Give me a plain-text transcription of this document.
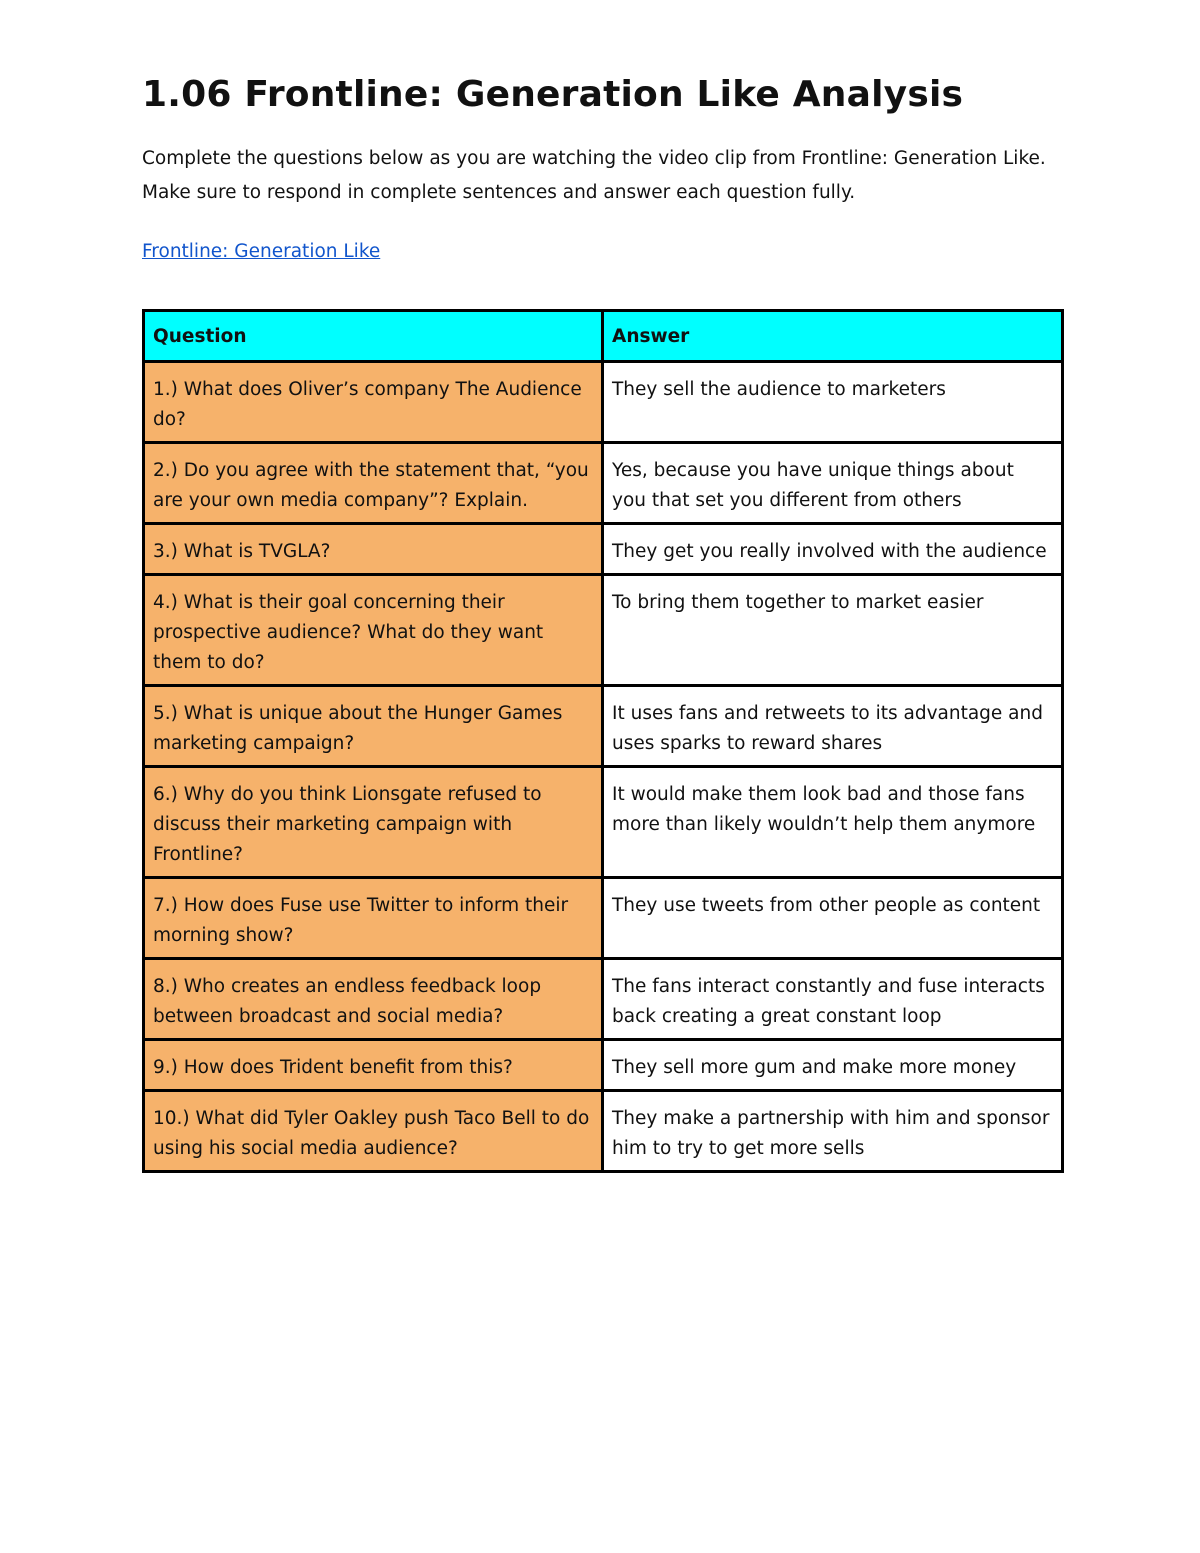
1.06 Frontline: Generation Like Analysis

Complete the questions below as you are watching the video clip from Frontline: Generation Like. Make sure to respond in complete sentences and answer each question fully.

Frontline: Generation Like
Question	Answer
1.) What does Oliver’s company The Audience do?	They sell the audience to marketers
2.) Do you agree with the statement that, “you are your own media company”? Explain.	Yes, because you have unique things about you that set you different from others
3.) What is TVGLA?	They get you really involved with the audience
4.) What is their goal concerning their prospective audience? What do they want them to do?	To bring them together to market easier
5.) What is unique about the Hunger Games marketing campaign?	It uses fans and retweets to its advantage and uses sparks to reward shares
6.) Why do you think Lionsgate refused to discuss their marketing campaign with Frontline?	It would make them look bad and those fans more than likely wouldn’t help them anymore
7.) How does Fuse use Twitter to inform their morning show?	They use tweets from other people as content
8.) Who creates an endless feedback loop between broadcast and social media?	The fans interact constantly and fuse interacts back creating a great constant loop
9.) How does Trident benefit from this?	They sell more gum and make more money
10.) What did Tyler Oakley push Taco Bell to do using his social media audience?	They make a partnership with him and sponsor him to try to get more sells
